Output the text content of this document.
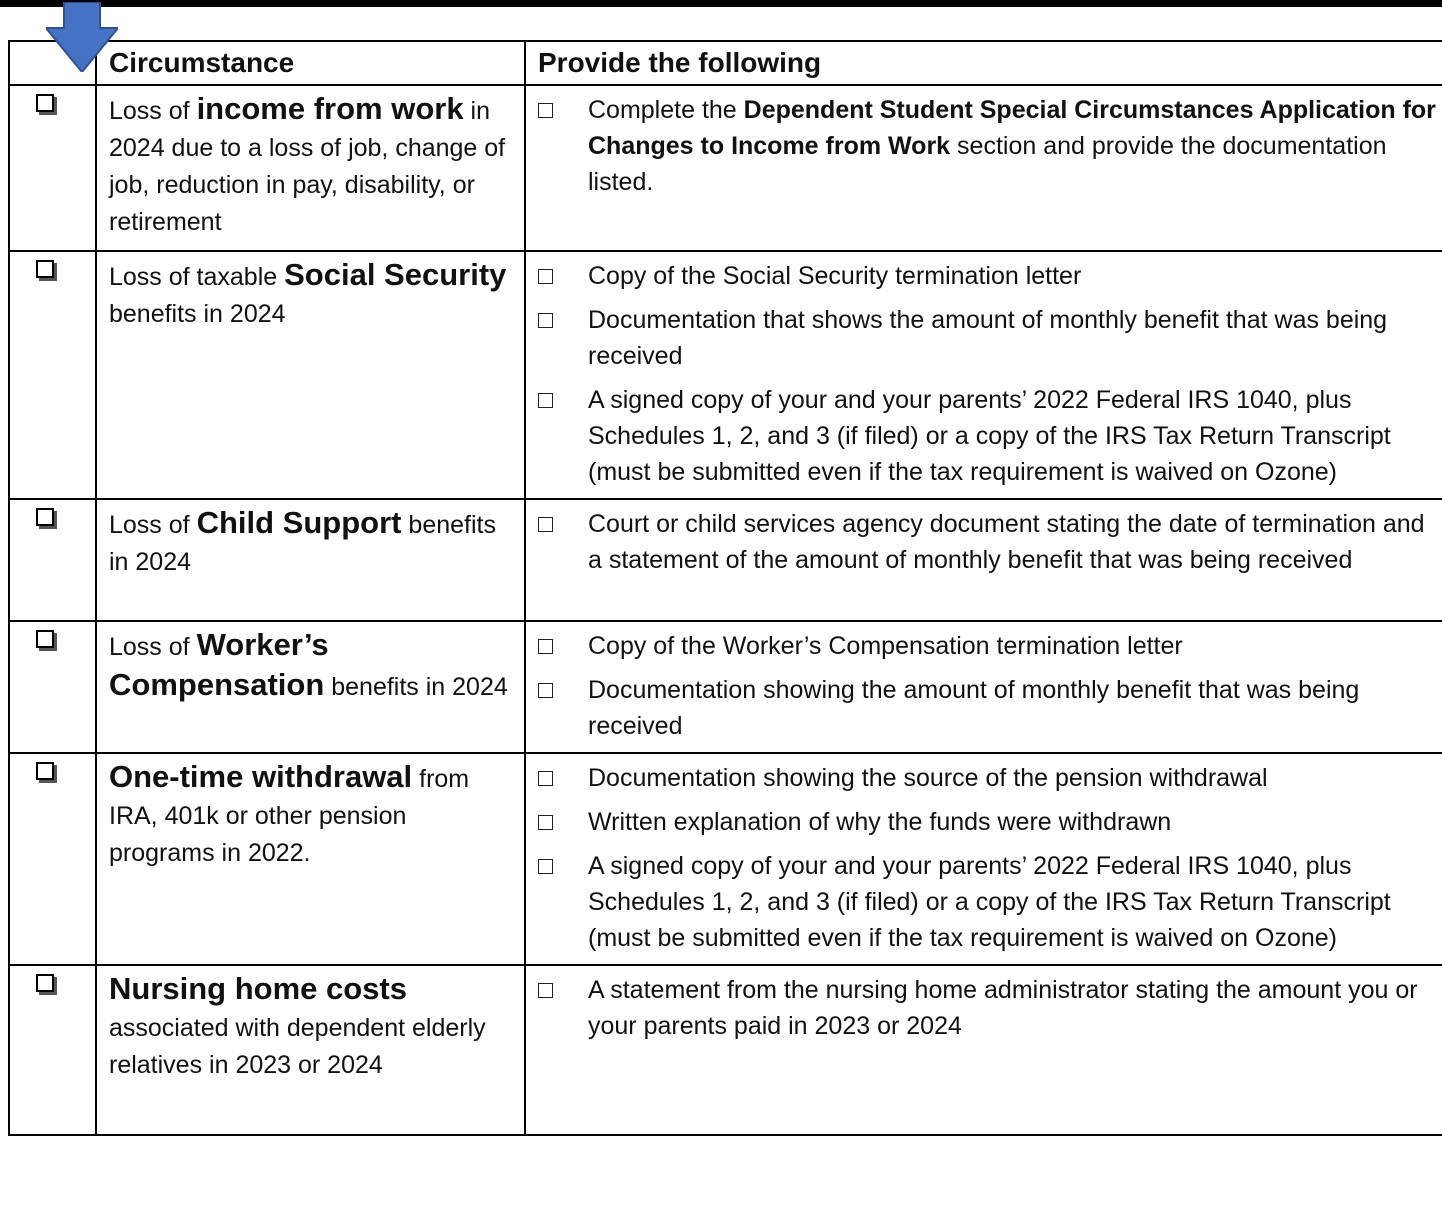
	Circumstance	Provide the following
	Loss of income from work in 2024 due to a loss of job, change of job, reduction in pay, disability, or retirement	Complete the Dependent Student Special Circumstances Application for Changes to Income from Work section and provide the documentation listed.

	Loss of taxable Social Security benefits in 2024	Copy of the Social Security termination letter
Documentation that shows the amount of monthly benefit that was being received
A signed copy of your and your parents’ 2022 Federal IRS 1040, plus Schedules 1, 2, and 3 (if filed) or a copy of the IRS Tax Return Transcript (must be submitted even if the tax requirement is waived on Ozone)

	Loss of Child Support benefits in 2024	Court or child services agency document stating the date of termination and a statement of the amount of monthly benefit that was being received

	Loss of Worker’s Compensation benefits in 2024	Copy of the Worker’s Compensation termination letter
Documentation showing the amount of monthly benefit that was being received

	One-time withdrawal from IRA, 401k or other pension programs in 2022.	Documentation showing the source of the pension withdrawal
Written explanation of why the funds were withdrawn
A signed copy of your and your parents’ 2022 Federal IRS 1040, plus Schedules 1, 2, and 3 (if filed) or a copy of the IRS Tax Return Transcript (must be submitted even if the tax requirement is waived on Ozone)

	Nursing home costs associated with dependent elderly relatives in 2023 or 2024	A statement from the nursing home administrator stating the amount you or your parents paid in 2023 or 2024
